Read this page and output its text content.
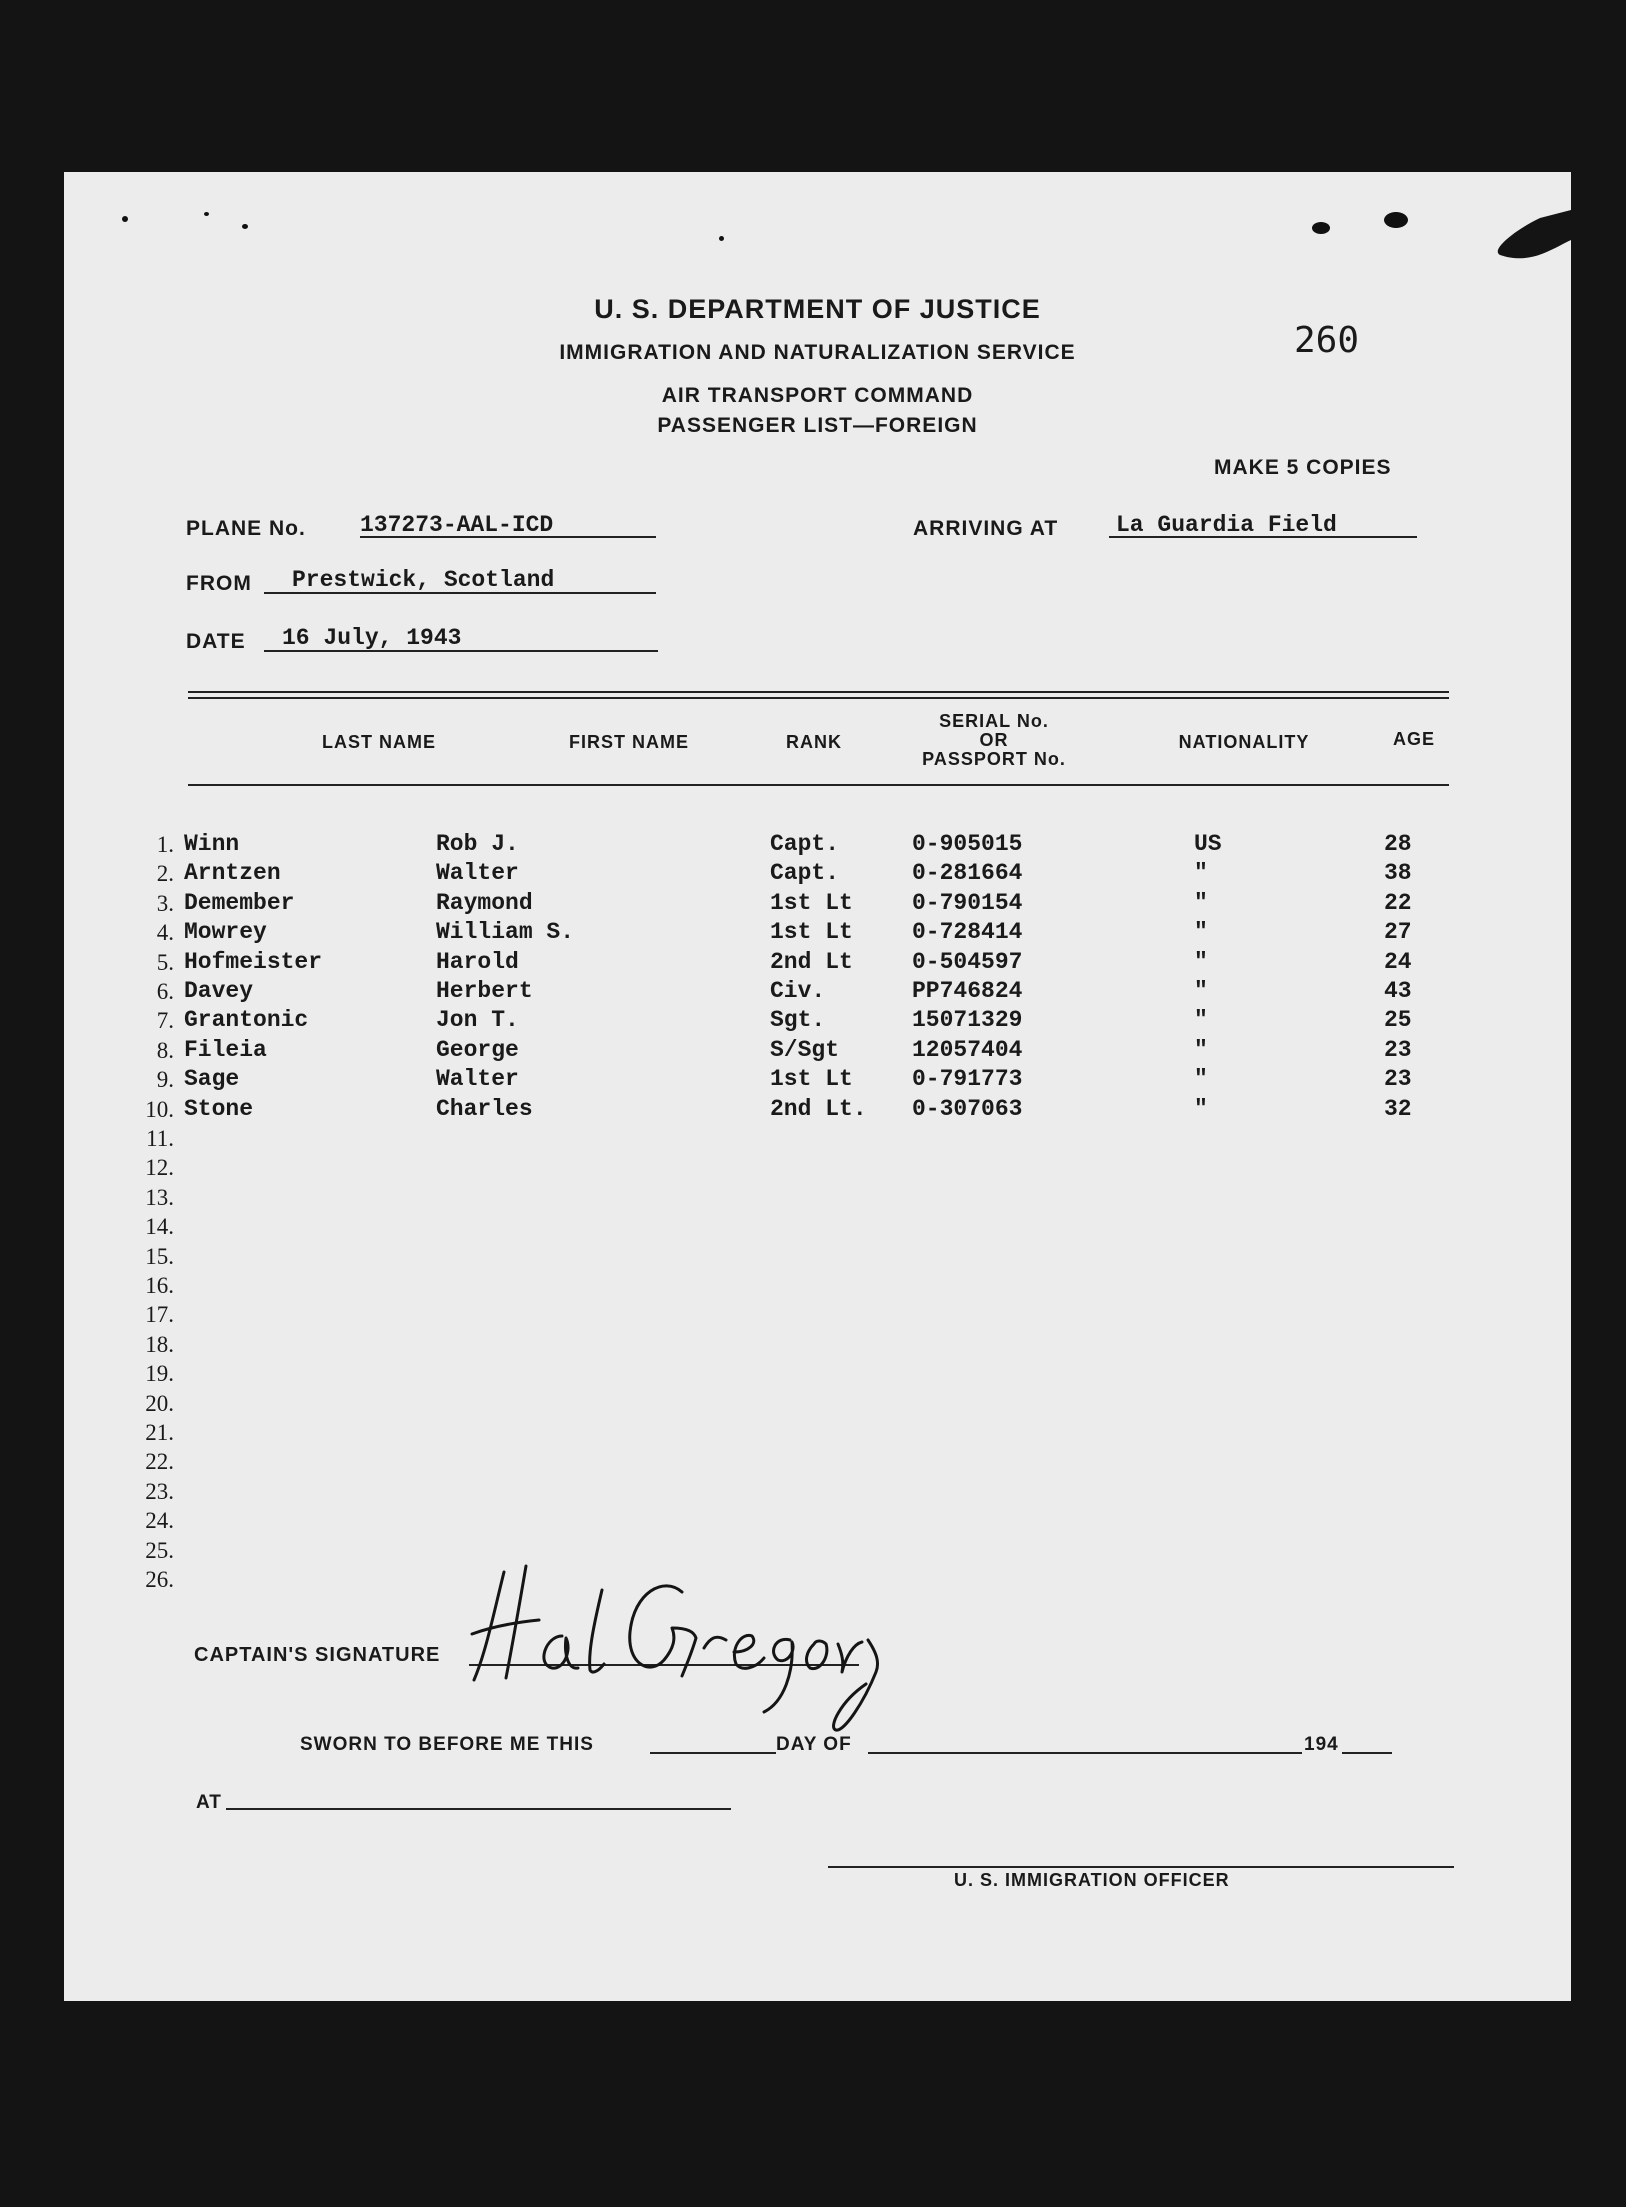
U. S. DEPARTMENT OF JUSTICE
IMMIGRATION AND NATURALIZATION SERVICE
AIR TRANSPORT COMMAND
PASSENGER LIST—FOREIGN
260
MAKE 5 COPIES
PLANE No. 137273-AAL-ICD	ARRIVING AT	La Guardia Field
FROM Prestwick, Scotland
DATE 16 July, 1943
LAST NAME	FIRST NAME	RANK
SERIAL No.
OR
PASSPORT No.
NATIONALITY	AGE
1. Winn	Rob J.	Capt.	0-905015	US	28
2. Arntzen	Walter	Capt.	0-281664	"	38
3. Demember	Raymond	1st Lt	0-790154	"	22
4. Mowrey	William S.	1st Lt	0-728414	"	27
5. Hofmeister	Harold	2nd Lt	0-504597	"	24
6. Davey	Herbert	Civ.	PP746824	"	43
7. Grantonic	Jon T.	Sgt.	15071329	"	25
8. Fileia	George	S/Sgt	12057404	"	23
9. Sage	Walter	1st Lt	0-791773	"	23
10. Stone	Charles	2nd Lt. 0-307063	"	32
11.
12.
13.
14.
15.
16.
17.
18.
19.
20.
21.
22.
23.
24.
25.
26.
CAPTAIN'S SIGNATURE
SWORN TO BEFORE ME THIS	DAY OF	194
AT
U. S. IMMIGRATION OFFICER
